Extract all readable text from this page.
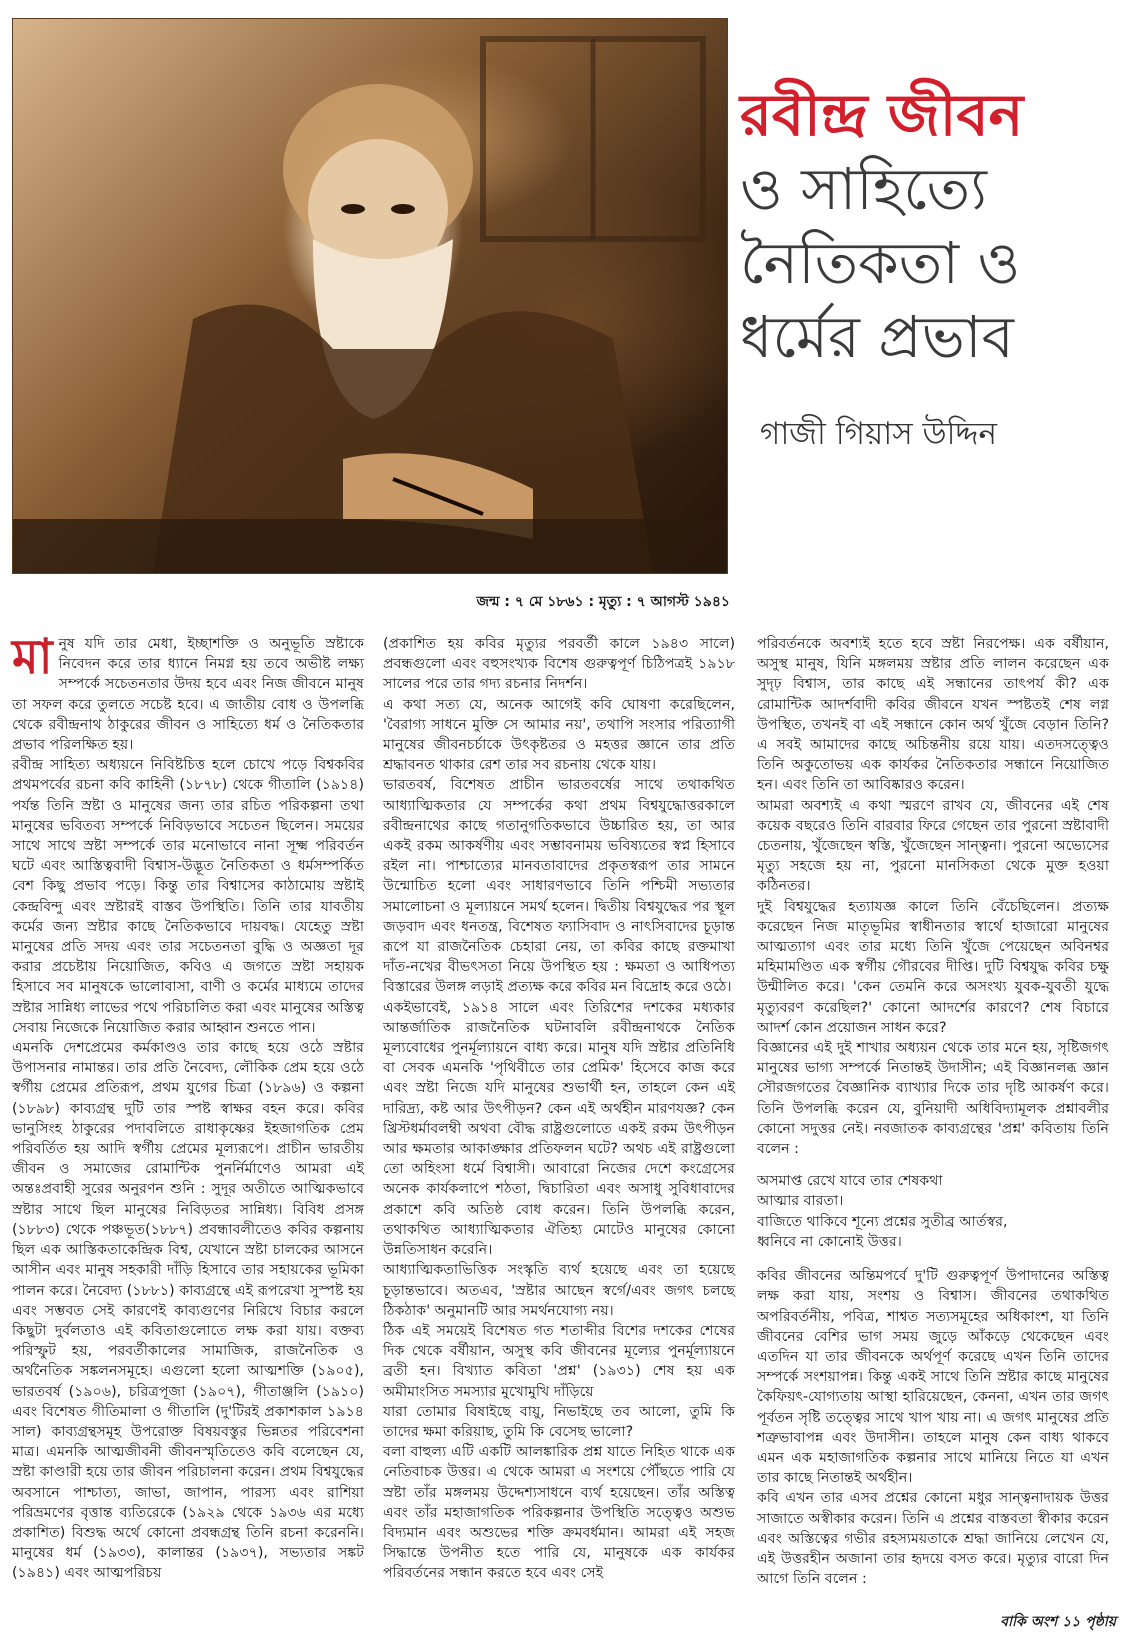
জন্ম : ৭ মে ১৮৬১ : মৃত্যু : ৭ আগস্ট ১৯৪১
রবীন্দ্র জীবন
ও সাহিত্যে
নৈতিকতা ও
ধর্মের প্রভাব
গাজী গিয়াস উদ্দিন

মানুষ যদি তার মেধা, ইচ্ছাশক্তি ও অনুভূতি স্রষ্টাকে নিবেদন করে তার ধ্যানে নিমগ্ন হয় তবে অভীষ্ট লক্ষ্য সম্পর্কে সচেতনতার উদয় হবে এবং নিজ জীবনে মানুষ তা সফল করে তুলতে সচেষ্ট হবে। এ জাতীয় বোধ ও উপলব্ধি থেকে রবীন্দ্রনাথ ঠাকুরের জীবন ও সাহিত্যে ধর্ম ও নৈতিকতার প্রভাব পরিলক্ষিত হয়।

রবীন্দ্র সাহিত্য অধ্যয়নে নিবিষ্টচিত্ত হলে চোখে পড়ে বিশ্বকবির প্রথমপর্বের রচনা কবি কাহিনী (১৮৭৮) থেকে গীতালি (১৯১৪) পর্যন্ত তিনি স্রষ্টা ও মানুষের জন্য তার রচিত পরিকল্পনা তথা মানুষের ভবিতব্য সম্পর্কে নিবিড়ভাবে সচেতন ছিলেন। সময়ের সাথে সাথে স্রষ্টা সম্পর্কে তার মনোভাবে নানা সূক্ষ্ম পরিবর্তন ঘটে এবং আস্তিত্ববাদী বিশ্বাস-উদ্ভূত নৈতিকতা ও ধর্মসম্পর্কিত বেশ কিছু প্রভাব পড়ে। কিন্তু তার বিশ্বাসের কাঠামোয় স্রষ্টাই কেন্দ্রবিন্দু এবং স্রষ্টারই বাস্তব উপস্থিতি। তিনি তার যাবতীয় কর্মের জন্য স্রষ্টার কাছে নৈতিকভাবে দায়বদ্ধ। যেহেতু স্রষ্টা মানুষের প্রতি সদয় এবং তার সচেতনতা বুদ্ধি ও অজ্ঞতা দূর করার প্রচেষ্টায় নিয়োজিত, কবিও এ জগতে স্রষ্টা সহায়ক হিসাবে সব মানুষকে ভালোবাসা, বাণী ও কর্মের মাধ্যমে তাদের স্রষ্টার সান্নিধ্য লাভের পথে পরিচালিত করা এবং মানুষের অস্তিত্ব সেবায় নিজেকে নিয়োজিত করার আহ্বান শুনতে পান।

এমনকি দেশপ্রেমের কর্মকাণ্ডও তার কাছে হয়ে ওঠে স্রষ্টার উপাসনার নামান্তর। তার প্রতি নৈবেদ্য, লৌকিক প্রেম হয়ে ওঠে স্বর্গীয় প্রেমের প্রতিরূপ, প্রথম যুগের চিত্রা (১৮৯৬) ও কল্পনা (১৮৯৮) কাব্যগ্রন্থ দুটি তার স্পষ্ট স্বাক্ষর বহন করে। কবির ভানুসিংহ ঠাকুরের পদাবলিতে রাধাকৃষ্ণের ইহজাগতিক প্রেম পরিবর্তিত হয় আদি স্বর্গীয় প্রেমের মূল্যরূপে। প্রাচীন ভারতীয় জীবন ও সমাজের রোমান্টিক পুনর্নির্মাণেও আমরা এই অন্তঃপ্রবাহী সুরের অনুরণন শুনি : সুদূর অতীতে আত্মিকভাবে স্রষ্টার সাথে ছিল মানুষের নিবিড়তর সান্নিধ্য। বিবিধ প্রসঙ্গ (১৮৮৩) থেকে পঞ্চভূত(১৮৮৭) প্রবন্ধাবলীতেও কবির কল্পনায় ছিল এক আস্তিকতাকেন্দ্রিক বিশ্ব, যেখানে স্রষ্টা চালকের আসনে আসীন এবং মানুষ সহকারী দাঁড়ি হিসাবে তার সহায়কের ভূমিকা পালন করে। নৈবেদ্য (১৮৮১) কাব্যগ্রন্থে এই রূপরেখা সুস্পষ্ট হয় এবং সম্ভবত সেই কারণেই কাব্যগুণের নিরিখে বিচার করলে কিছুটা দুর্বলতাও এই কবিতাগুলোতে লক্ষ করা যায়। বক্তব্য পরিস্ফুট হয়, পরবর্তীকালের সামাজিক, রাজনৈতিক ও অর্থনৈতিক সঙ্কলনসমূহে। এগুলো হলো আত্মশক্তি (১৯০৫), ভারতবর্ষ (১৯০৬), চরিত্রপূজা (১৯০৭), গীতাঞ্জলি (১৯১০) এবং বিশেষত গীতিমালা ও গীতালি (দু'টিরই প্রকাশকাল ১৯১৪ সাল) কাব্যগ্রন্থসমূহ উপরোক্ত বিষয়বস্তুর ভিন্নতর পরিবেশনা মাত্র। এমনকি আত্মজীবনী জীবনস্মৃতিতেও কবি বলেছেন যে, স্রষ্টা কাণ্ডারী হয়ে তার জীবন পরিচালনা করেন। প্রথম বিশ্বযুদ্ধের অবসানে পাশ্চাত্য, জাভা, জাপান, পারস্য এবং রাশিয়া পরিভ্রমণের বৃত্তান্ত ব্যতিরেকে (১৯২৯ থেকে ১৯৩৬ এর মধ্যে প্রকাশিত) বিশুদ্ধ অর্থে কোনো প্রবন্ধগ্রন্থ তিনি রচনা করেননি। মানুষের ধর্ম (১৯৩৩), কালান্তর (১৯৩৭), সভ্যতার সঙ্কট (১৯৪১) এবং আত্মপরিচয়

(প্রকাশিত হয় কবির মৃত্যুর পরবর্তী কালে ১৯৪৩ সালে) প্রবন্ধগুলো এবং বহুসংখ্যক বিশেষ গুরুত্বপূর্ণ চিঠিপত্রই ১৯১৮ সালের পরে তার গদ্য রচনার নিদর্শন।

এ কথা সত্য যে, অনেক আগেই কবি ঘোষণা করেছিলেন, 'বৈরাগ্য সাধনে মুক্তি সে আমার নয়', তথাপি সংসার পরিত্যাগী মানুষের জীবনচর্চাকে উৎকৃষ্টতর ও মহত্তর জ্ঞানে তার প্রতি শ্রদ্ধাবনত থাকার রেশ তার সব রচনায় থেকে যায়।

ভারতবর্ষ, বিশেষত প্রাচীন ভারতবর্ষের সাথে তথাকথিত আধ্যাত্মিকতার যে সম্পর্কের কথা প্রথম বিশ্বযুদ্ধোত্তরকালে রবীন্দ্রনাথের কাছে গতানুগতিকভাবে উচ্চারিত হয়, তা আর একই রকম আকর্ষণীয় এবং সম্ভাবনাময় ভবিষ্যতের স্বপ্ন হিসাবে রইল না। পাশ্চাত্যের মানবতাবাদের প্রকৃতস্বরূপ তার সামনে উন্মোচিত হলো এবং সাধারণভাবে তিনি পশ্চিমী সভ্যতার সমালোচনা ও মূল্যায়নে সমর্থ হলেন। দ্বিতীয় বিশ্বযুদ্ধের পর স্থূল জড়বাদ এবং ধনতন্ত্র, বিশেষত ফ্যাসিবাদ ও নাৎসিবাদের চূড়ান্ত রূপে যা রাজনৈতিক চেহারা নেয়, তা কবির কাছে রক্তমাখা দাঁত-নখের বীভৎসতা নিয়ে উপস্থিত হয় : ক্ষমতা ও আধিপত্য বিস্তারের উলঙ্গ লড়াই প্রত্যক্ষ করে কবির মন বিদ্রোহ করে ওঠে।

একইভাবেই, ১৯১৪ সালে এবং তিরিশের দশকের মধ্যকার আন্তর্জাতিক রাজনৈতিক ঘটনাবলি রবীন্দ্রনাথকে নৈতিক মূল্যবোধের পুনর্মূল্যায়নে বাধ্য করে। মানুষ যদি স্রষ্টার প্রতিনিধি বা সেবক এমনকি 'পৃথিবীতে তার প্রেমিক' হিসেবে কাজ করে এবং স্রষ্টা নিজে যদি মানুষের শুভার্থী হন, তাহলে কেন এই দারিদ্র্য, কষ্ট আর উৎপীড়ন? কেন এই অর্থহীন মারণযজ্ঞ? কেন খ্রিস্টধর্মাবলম্বী অথবা বৌদ্ধ রাষ্ট্রগুলোতে একই রকম উৎপীড়ন আর ক্ষমতার আকাঙ্ক্ষার প্রতিফলন ঘটে? অথচ এই রাষ্ট্রগুলো তো অহিংসা ধর্মে বিশ্বাসী। আবারো নিজের দেশে কংগ্রেসের অনেক কার্যকলাপে শঠতা, দ্বিচারিতা এবং অসাধু সুবিধাবাদের প্রকাশে কবি অতিষ্ঠ বোধ করেন। তিনি উপলব্ধি করেন, তথাকথিত আধ্যাত্মিকতার ঐতিহ্য মোটেও মানুষের কোনো উন্নতিসাধন করেনি।

আধ্যাত্মিকতাভিত্তিক সংস্কৃতি ব্যর্থ হয়েছে এবং তা হয়েছে চূড়ান্তভাবে। অতএব, 'স্রষ্টার আছেন স্বর্গে/এবং জগৎ চলছে ঠিকঠাক' অনুমানটি আর সমর্থনযোগ্য নয়।

ঠিক এই সময়েই বিশেষত গত শতাব্দীর বিশের দশকের শেষের দিক থেকে বর্ষীয়ান, অসুস্থ কবি জীবনের মূল্যের পুনর্মূল্যায়নে ব্রতী হন। বিখ্যাত কবিতা 'প্রশ্ন' (১৯৩১) শেষ হয় এক অমীমাংসিত সমস্যার মুখোমুখি দাঁড়িয়ে

যারা তোমার বিষাইছে বায়ু, নিভাইছে তব আলো, তুমি কি তাদের ক্ষমা করিয়াছ, তুমি কি বেসেছ ভালো?

বলা বাহুল্য এটি একটি আলঙ্কারিক প্রশ্ন যাতে নিহিত থাকে এক নেতিবাচক উত্তর। এ থেকে আমরা এ সংশয়ে পৌঁছতে পারি যে স্রষ্টা তাঁর মঙ্গলময় উদ্দেশ্যসাধনে ব্যর্থ হয়েছেন। তাঁর অস্তিত্ব এবং তাঁর মহাজাগতিক পরিকল্পনার উপস্থিতি সত্ত্বেও অশুভ বিদ্যমান এবং অশুভের শক্তি ক্রমবর্ধমান। আমরা এই সহজ সিদ্ধান্তে উপনীত হতে পারি যে, মানুষকে এক কার্যকর পরিবর্তনের সন্ধান করতে হবে এবং সেই

পরিবর্তনকে অবশ্যই হতে হবে স্রষ্টা নিরপেক্ষ। এক বর্ষীয়ান, অসুস্থ মানুষ, যিনি মঙ্গলময় স্রষ্টার প্রতি লালন করেছেন এক সুদৃঢ় বিশ্বাস, তার কাছে এই সন্ধানের তাৎপর্য কী? এক রোমান্টিক আদর্শবাদী কবির জীবনে যখন স্পষ্টতই শেষ লগ্ন উপস্থিত, তখনই বা এই সন্ধানে কোন অর্থ খুঁজে বেড়ান তিনি? এ সবই আমাদের কাছে অচিন্তনীয় রয়ে যায়। এতদসত্ত্বেও তিনি অকুতোভয় এক কার্যকর নৈতিকতার সন্ধানে নিয়োজিত হন। এবং তিনি তা আবিষ্কারও করেন।

আমরা অবশ্যই এ কথা স্মরণে রাখব যে, জীবনের এই শেষ কয়েক বছরেও তিনি বারবার ফিরে গেছেন তার পুরনো স্রষ্টাবাদী চেতনায়, খুঁজেছেন স্বস্তি, খুঁজেছেন সান্ত্বনা। পুরনো অভ্যেসের মৃত্যু সহজে হয় না, পুরনো মানসিকতা থেকে মুক্ত হওয়া কঠিনতর।

দুই বিশ্বযুদ্ধের হত্যাযজ্ঞ কালে তিনি বেঁচেছিলেন। প্রত্যক্ষ করেছেন নিজ মাতৃভূমির স্বাধীনতার স্বার্থে হাজারো মানুষের আত্মত্যাগ এবং তার মধ্যে তিনি খুঁজে পেয়েছেন অবিনশ্বর মহিমামণ্ডিত এক স্বর্গীয় গৌরবের দীপ্তি। দুটি বিশ্বযুদ্ধ কবির চক্ষু উন্মীলিত করে। 'কেন তেমনি করে অসংখ্য যুবক-যুবতী যুদ্ধে মৃত্যুবরণ করেছিল?' কোনো আদর্শের কারণে? শেষ বিচারে আদর্শ কোন প্রয়োজন সাধন করে?

বিজ্ঞানের এই দুই শাখার অধ্যয়ন থেকে তার মনে হয়, সৃষ্টিজগৎ মানুষের ভাগ্য সম্পর্কে নিতান্তই উদাসীন; এই বিজ্ঞানলব্ধ জ্ঞান সৌরজগতের বৈজ্ঞানিক ব্যাখ্যার দিকে তার দৃষ্টি আকর্ষণ করে। তিনি উপলব্ধি করেন যে, বুনিয়াদী অধিবিদ্যামূলক প্রশ্নাবলীর কোনো সদুত্তর নেই। নবজাতক কাব্যগ্রন্থের 'প্রশ্ন' কবিতায় তিনি বলেন :

অসমাপ্ত রেখে যাবে তার শেষকথা
আত্মার বারতা।
বাজিতে থাকিবে শূন্যে প্রশ্নের সুতীব্র আর্তস্বর,
ধ্বনিবে না কোনোই উত্তর।

কবির জীবনের অন্তিমপর্বে দু'টি গুরুত্বপূর্ণ উপাদানের অস্তিত্ব লক্ষ করা যায়, সংশয় ও বিশ্বাস। জীবনের তথাকথিত অপরিবর্তনীয়, পবিত্র, শাশ্বত সত্যসমূহের অধিকাংশ, যা তিনি জীবনের বেশির ভাগ সময় জুড়ে আঁকড়ে থেকেছেন এবং এতদিন যা তার জীবনকে অর্থপূর্ণ করেছে এখন তিনি তাদের সম্পর্কে সংশয়াপন্ন। কিন্তু একই সাথে তিনি স্রষ্টার কাছে মানুষের কৈফিয়ৎ-যোগ্যতায় আস্থা হারিয়েছেন, কেননা, এখন তার জগৎ পূর্বতন সৃষ্টি তত্ত্বের সাথে খাপ খায় না। এ জগৎ মানুষের প্রতি শত্রুভাবাপন্ন এবং উদাসীন। তাহলে মানুষ কেন বাধ্য থাকবে এমন এক মহাজাগতিক কল্পনার সাথে মানিয়ে নিতে যা এখন তার কাছে নিতান্তই অর্থহীন।

কবি এখন তার এসব প্রশ্নের কোনো মধুর সান্ত্বনাদায়ক উত্তর সাজাতে অস্বীকার করেন। তিনি এ প্রশ্নের বাস্তবতা স্বীকার করেন এবং অস্তিত্বের গভীর রহস্যময়তাকে শ্রদ্ধা জানিয়ে লেখেন যে, এই উত্তরহীন অজানা তার হৃদয়ে বসত করে। মৃত্যুর বারো দিন আগে তিনি বলেন :

বাকি অংশ ১১ পৃষ্ঠায়
